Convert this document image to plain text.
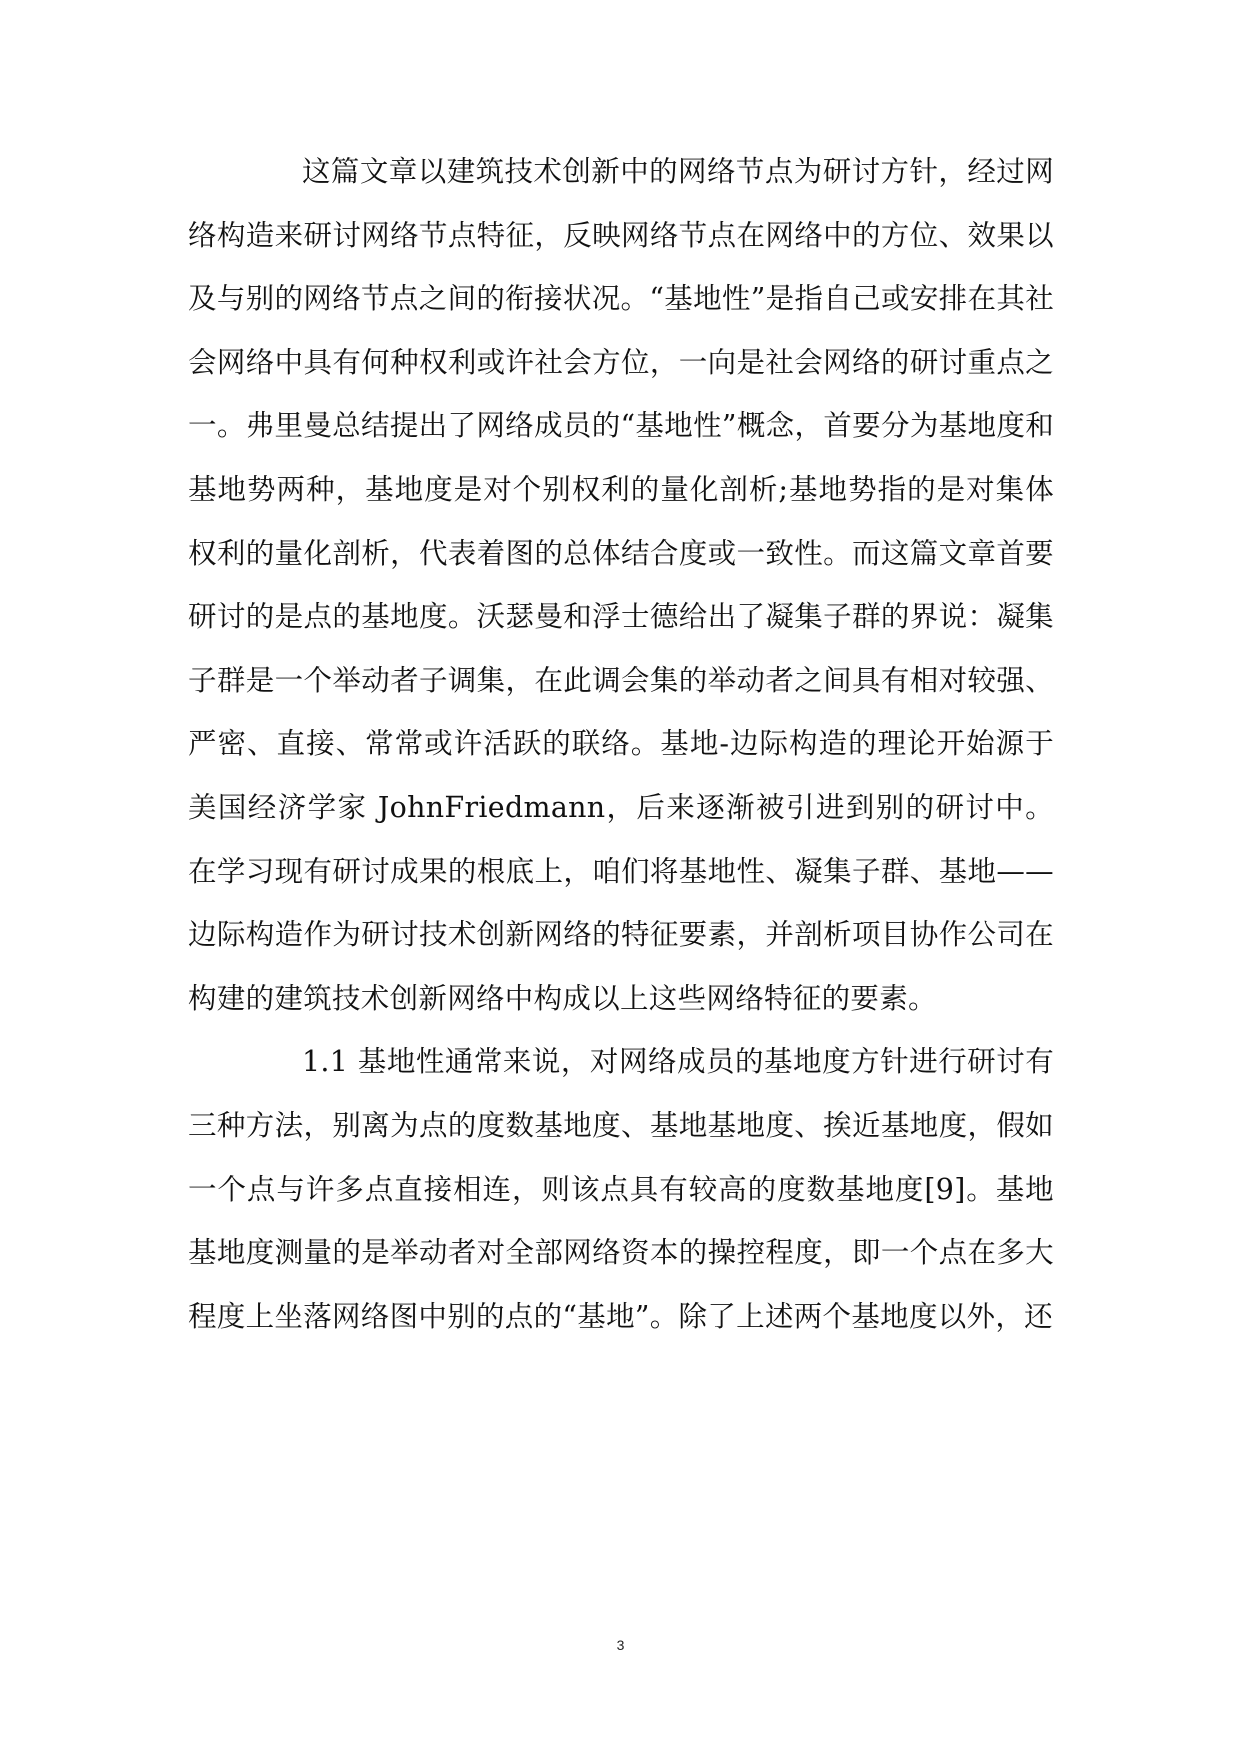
这篇文章以建筑技术创新中的网络节点为研讨方针，经过网络构造来研讨网络节点特征，反映网络节点在网络中的方位、效果以及与别的网络节点之间的衔接状况。“基地性”是指自己或安排在其社会网络中具有何种权利或许社会方位，一向是社会网络的研讨重点之一。弗里曼总结提出了网络成员的“基地性”概念，首要分为基地度和基地势两种，基地度是对个别权利的量化剖析;基地势指的是对集体权利的量化剖析，代表着图的总体结合度或一致性。而这篇文章首要研讨的是点的基地度。沃瑟曼和浮士德给出了凝集子群的界说：凝集子群是一个举动者子调集，在此调会集的举动者之间具有相对较强、严密、直接、常常或许活跃的联络。基地-边际构造的理论开始源于美国经济学家 JohnFriedmann，后来逐渐被引进到别的研讨中。在学习现有研讨成果的根底上，咱们将基地性、凝集子群、基地——边际构造作为研讨技术创新网络的特征要素，并剖析项目协作公司在构建的建筑技术创新网络中构成以上这些网络特征的要素。

1.1 基地性通常来说，对网络成员的基地度方针进行研讨有三种方法，别离为点的度数基地度、基地基地度、挨近基地度，假如一个点与许多点直接相连，则该点具有较高的度数基地度[9]。基地基地度测量的是举动者对全部网络资本的操控程度，即一个点在多大程度上坐落网络图中别的点的“基地”。除了上述两个基地度以外，还

3
